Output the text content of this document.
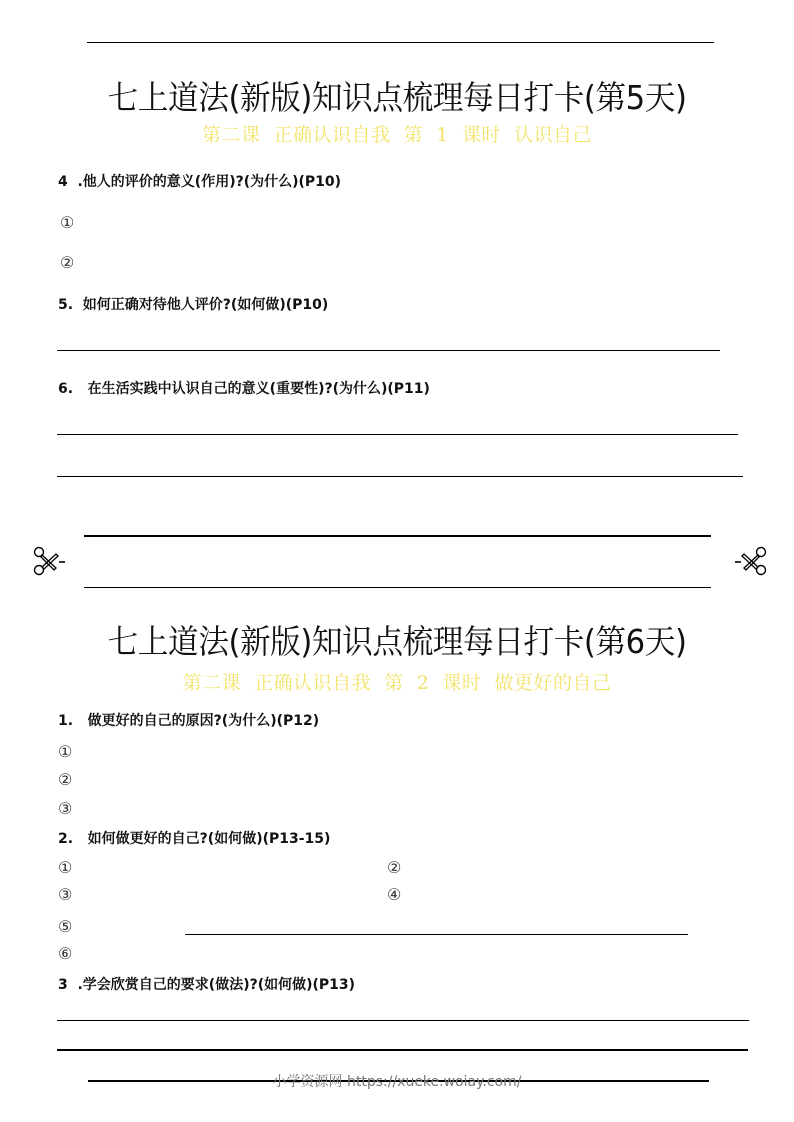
七上道法(新版)知识点梳理每日打卡(第5天)
第二课  正确认识自我  第  1  课时  认识自己
4  .他人的评价的意义(作用)?(为什么)(P10)
①
②
5.  如何正确对待他人评价?(如何做)(P10)
6.   在生活实践中认识自己的意义(重要性)?(为什么)(P11)
七上道法(新版)知识点梳理每日打卡(第6天)
第二课  正确认识自我  第  2  课时  做更好的自己
1.   做更好的自己的原因?(为什么)(P12)
①
②
③
2.   如何做更好的自己?(如何做)(P13-15)
①	②
③	④
⑤
⑥
3  .学会欣赏自己的要求(做法)?(如何做)(P13)
小学资源网 https://xueke.woiay.com/
